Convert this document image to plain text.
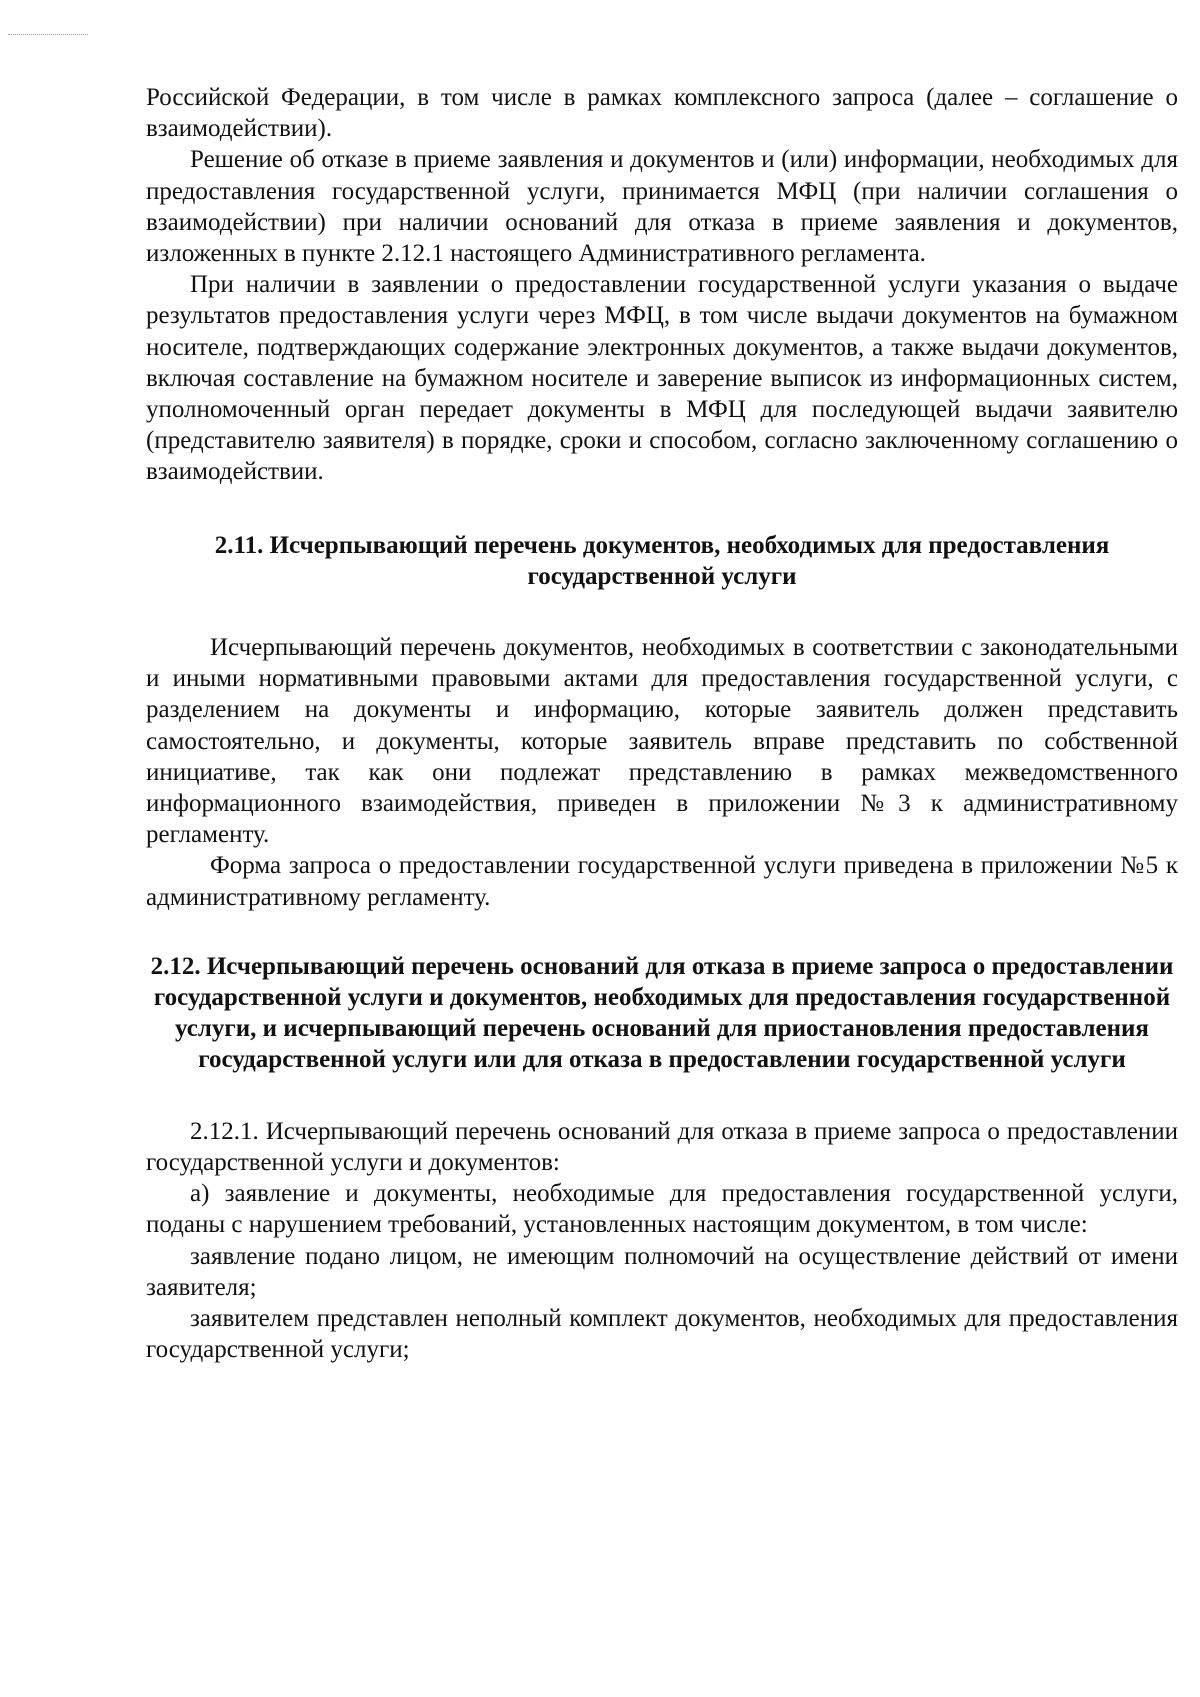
Российской Федерации, в том числе в рамках комплексного запроса (далее – соглашение о взаимодействии).

Решение об отказе в приеме заявления и документов и (или) информации, необходимых для предоставления государственной услуги, принимается МФЦ (при наличии соглашения о взаимодействии) при наличии оснований для отказа в приеме заявления и документов, изложенных в пункте 2.12.1 настоящего Административного регламента.

При наличии в заявлении о предоставлении государственной услуги указания о выдаче результатов предоставления услуги через МФЦ, в том числе выдачи документов на бумажном носителе, подтверждающих содержание электронных документов, а также выдачи документов, включая составление на бумажном носителе и заверение выписок из информационных систем, уполномоченный орган передает документы в МФЦ для последующей выдачи заявителю (представителю заявителя) в порядке, сроки и способом, согласно заключенному соглашению о взаимодействии.

2.11. Исчерпывающий перечень документов, необходимых для предоставления государственной услуги

Исчерпывающий перечень документов, необходимых в соответствии с законодательными и иными нормативными правовыми актами для предоставления государственной услуги, с разделением на документы и информацию, которые заявитель должен представить самостоятельно, и документы, которые заявитель вправе представить по собственной инициативе, так как они подлежат представлению в рамках межведомственного информационного взаимодействия, приведен в приложении №3 к административному регламенту.

Форма запроса о предоставлении государственной услуги приведена в приложении №5 к административному регламенту.

2.12. Исчерпывающий перечень оснований для отказа в приеме запроса о предоставлении государственной услуги и документов, необходимых для предоставления государственной услуги, и исчерпывающий перечень оснований для приостановления предоставления государственной услуги или для отказа в предоставлении государственной услуги

2.12.1. Исчерпывающий перечень оснований для отказа в приеме запроса о предоставлении государственной услуги и документов:

а) заявление и документы, необходимые для предоставления государственной услуги, поданы с нарушением требований, установленных настоящим документом, в том числе:

заявление подано лицом, не имеющим полномочий на осуществление действий от имени заявителя;

заявителем представлен неполный комплект документов, необходимых для предоставления государственной услуги;
